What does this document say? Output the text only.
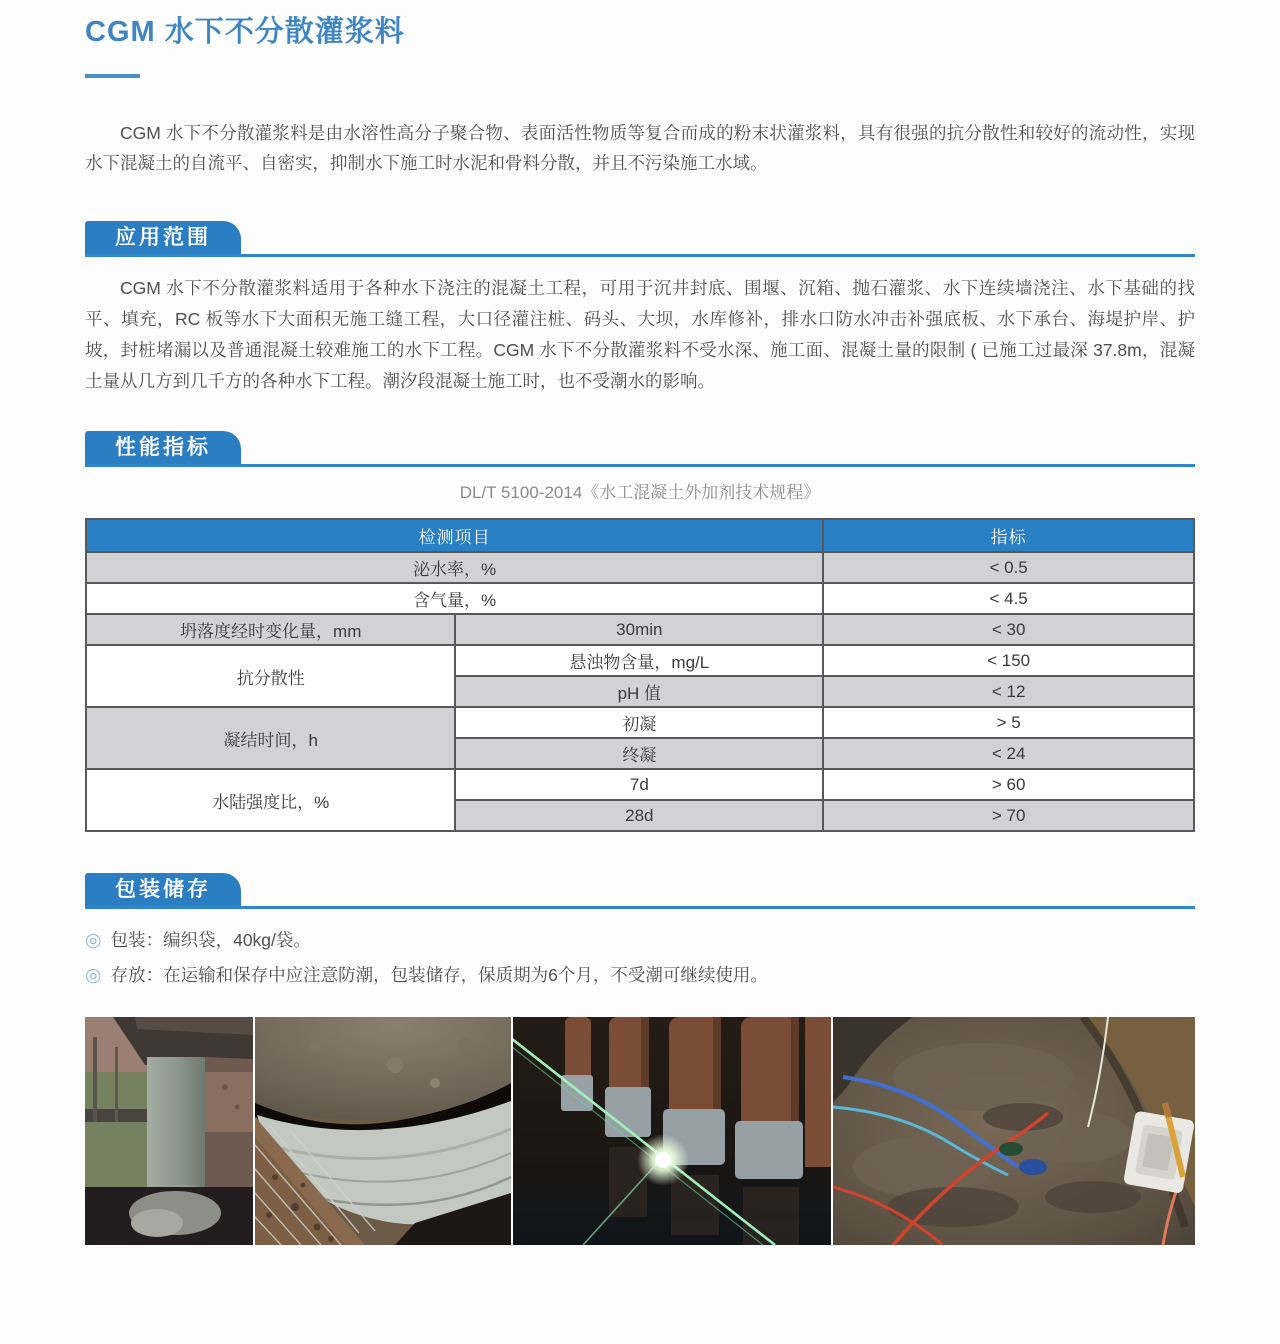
CGM 水下不分散灌浆料
CGM 水下不分散灌浆料是由水溶性高分子聚合物、表面活性物质等复合而成的粉末状灌浆料，具有很强的抗分散性和较好的流动性，实现水下混凝土的自流平、自密实，抑制水下施工时水泥和骨料分散，并且不污染施工水域。
应用范围
CGM 水下不分散灌浆料适用于各种水下浇注的混凝土工程，可用于沉井封底、围堰、沉箱、抛石灌浆、水下连续墙浇注、水下基础的找平、填充，RC 板等水下大面积无施工缝工程，大口径灌注桩、码头、大坝，水库修补，排水口防水冲击补强底板、水下承台、海堤护岸、护坡，封桩堵漏以及普通混凝土较难施工的水下工程。CGM 水下不分散灌浆料不受水深、施工面、混凝土量的限制 ( 已施工过最深 37.8m，混凝土量从几方到几千方的各种水下工程。潮汐段混凝土施工时，也不受潮水的影响。
性能指标
DL/T 5100-2014《水工混凝土外加剂技术规程》
检测项目		指标
泌水率，%		< 0.5
含气量，%		< 4.5
坍落度经时变化量，mm	30min	< 30
抗分散性	悬浊物含量，mg/L	< 150
	pH 值	< 12
凝结时间，h	初凝	> 5
	终凝	< 24
水陆强度比，%	7d	> 60
	28d	> 70
包装储存
◎ 包装：编织袋，40kg/袋。
◎ 存放：在运输和保存中应注意防潮，包装储存，保质期为6个月，不受潮可继续使用。
